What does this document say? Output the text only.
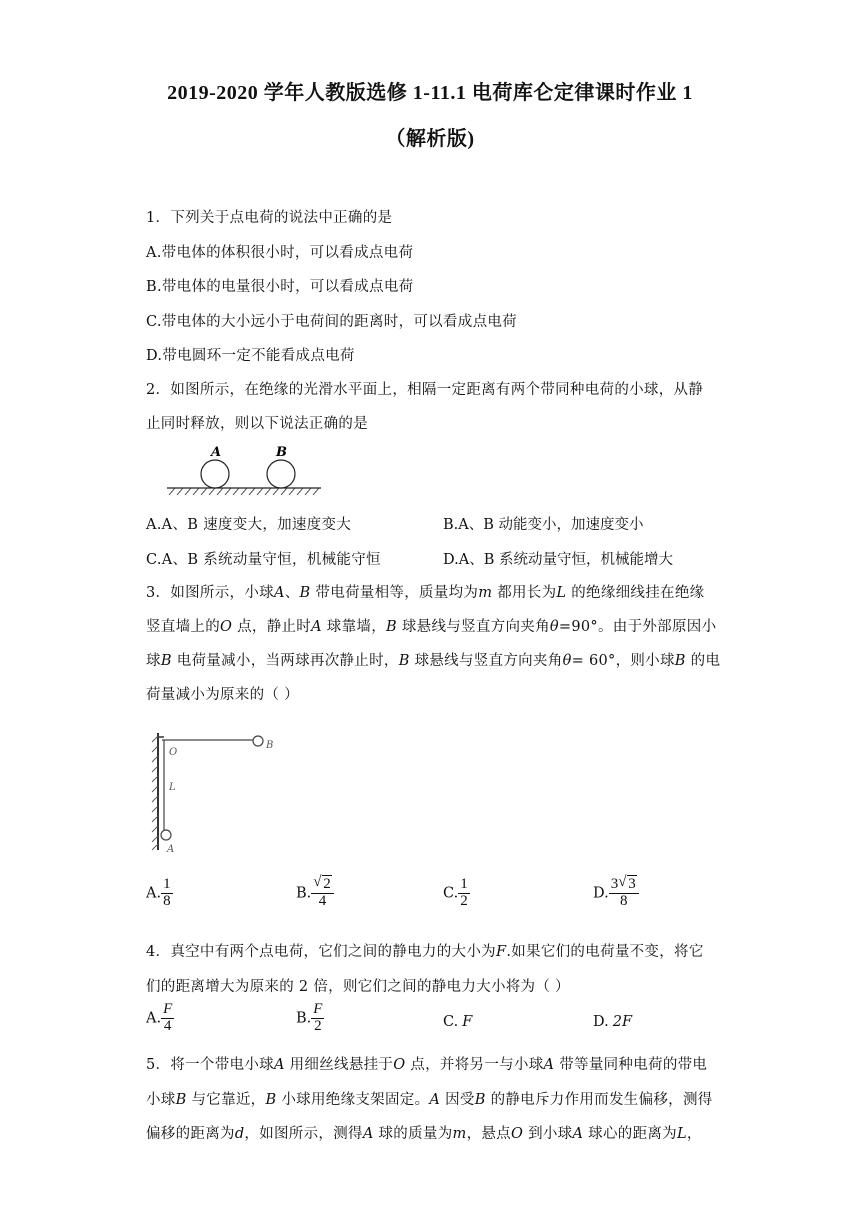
2019-2020 学年人教版选修 1-11.1 电荷库仑定律课时作业 1
（解析版)
1．下列关于点电荷的说法中正确的是
A.带电体的体积很小时，可以看成点电荷
B.带电体的电量很小时，可以看成点电荷
C.带电体的大小远小于电荷间的距离时，可以看成点电荷
D.带电圆环一定不能看成点电荷
2．如图所示，在绝缘的光滑水平面上，相隔一定距离有两个带同种电荷的小球，从静
止同时释放，则以下说法正确的是
A	B
A.A、B 速度变大，加速度变大	B.A、B 动能变小，加速度变小
C.A、B 系统动量守恒，机械能守恒	D.A、B 系统动量守恒，机械能增大
3．如图所示，小球A、B 带电荷量相等，质量均为m 都用长为L 的绝缘细线挂在绝缘
竖直墙上的O 点，静止时A 球靠墙，B 球悬线与竖直方向夹角θ=90°。由于外部原因小
球B 电荷量减小，当两球再次静止时，B 球悬线与竖直方向夹角θ= 60°，则小球B 的电
荷量减小为原来的（ ）
O
B
L
A
A. $\frac{1}{8}$	B. $\frac{√ 2}{4}$	C. $\frac{1}{2}$	D. $\frac{3 √ 3}{8}$
4．真空中有两个点电荷，它们之间的静电力的大小为F.如果它们的电荷量不变，将它
们的距离增大为原来的 2 倍，则它们之间的静电力大小将为（ ）
A. $\frac{F}{4}$	B. $\frac{F}{2}$	C. F	D. 2F
5．将一个带电小球A 用细丝线悬挂于O 点，并将另一与小球A 带等量同种电荷的带电
小球B 与它靠近，B 小球用绝缘支架固定。A 因受B 的静电斥力作用而发生偏移，测得
偏移的距离为d，如图所示，测得A 球的质量为m，悬点O 到小球A 球心的距离为L，
